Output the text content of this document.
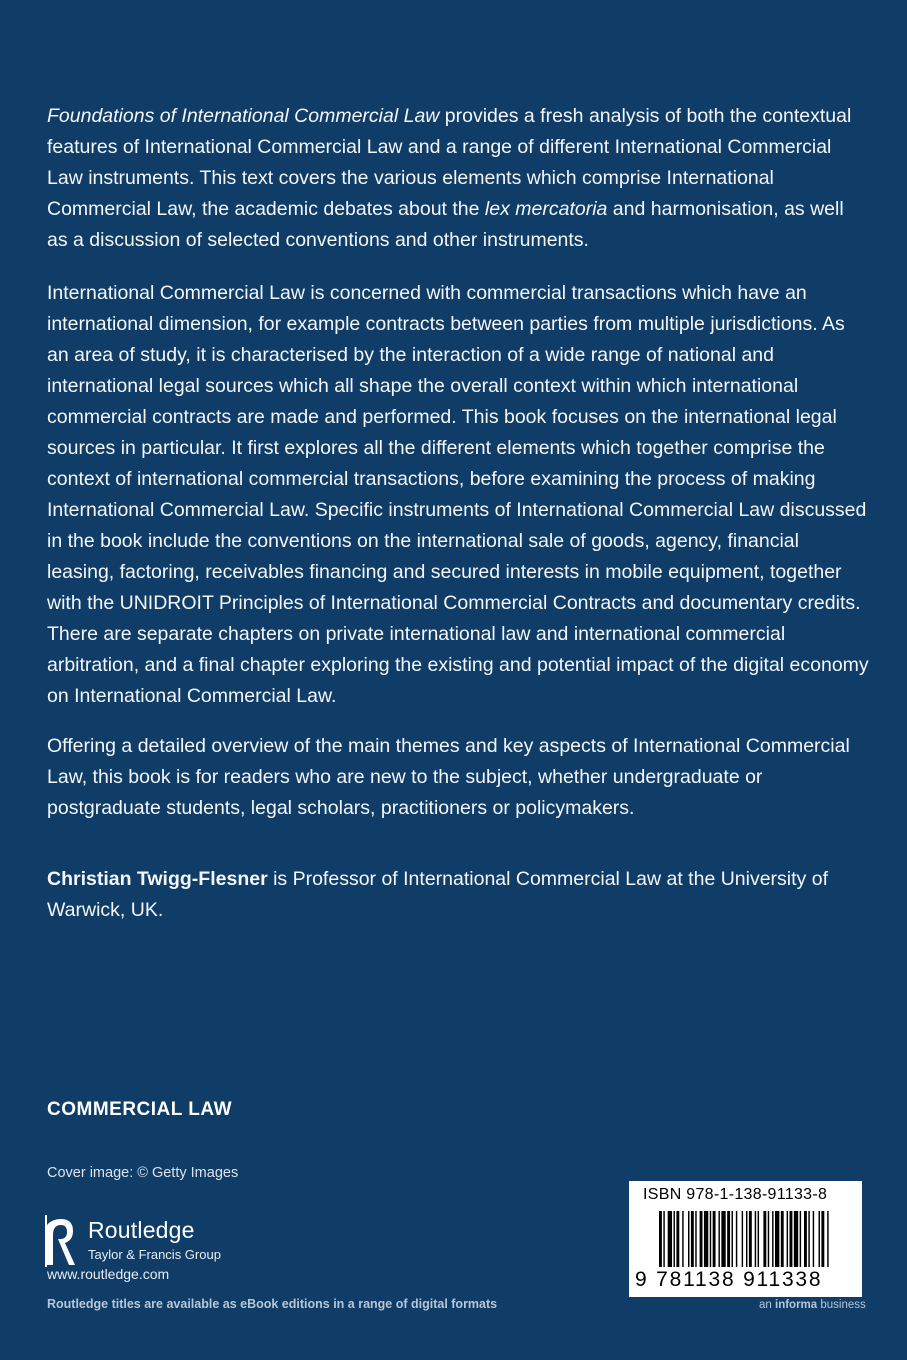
Foundations of International Commercial Law provides a fresh analysis of both the contextual features of International Commercial Law and a range of different International Commercial Law instruments. This text covers the various elements which comprise International Commercial Law, the academic debates about the lex mercatoria and harmonisation, as well as a discussion of selected conventions and other instruments.

International Commercial Law is concerned with commercial transactions which have an international dimension, for example contracts between parties from multiple jurisdictions. As an area of study, it is characterised by the interaction of a wide range of national and international legal sources which all shape the overall context within which international commercial contracts are made and performed. This book focuses on the international legal sources in particular. It first explores all the different elements which together comprise the context of international commercial transactions, before examining the process of making International Commercial Law. Specific instruments of International Commercial Law discussed in the book include the conventions on the international sale of goods, agency, financial leasing, factoring, receivables financing and secured interests in mobile equipment, together with the UNIDROIT Principles of International Commercial Contracts and documentary credits. There are separate chapters on private international law and international commercial arbitration, and a final chapter exploring the existing and potential impact of the digital economy on International Commercial Law.

Offering a detailed overview of the main themes and key aspects of International Commercial Law, this book is for readers who are new to the subject, whether undergraduate or postgraduate students, legal scholars, practitioners or policymakers.

Christian Twigg-Flesner is Professor of International Commercial Law at the University of Warwick, UK.

COMMERCIAL LAW
Cover image: © Getty Images
Routledge
Taylor & Francis Group
www.routledge.com
Routledge titles are available as eBook editions in a range of digital formats
ISBN 978-1-138-91133-8
9 781138 911338
an informa business
